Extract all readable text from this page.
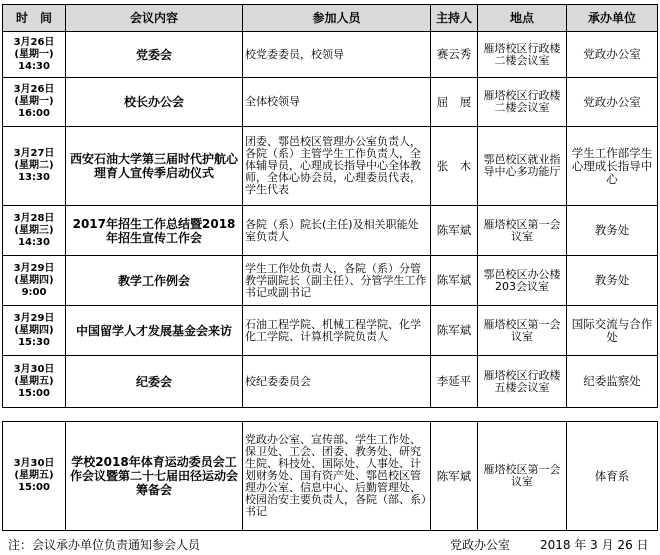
时　间	会议内容	参加人员	主持人	地点	承办单位

3月26日
(星期一)
14:30	党委会	校党委委员，校领导	赛云秀	雁塔校区行政楼二楼会议室	党政办公室

3月26日
(星期一)
16:00	校长办公会	全体校领导	屈　展	雁塔校区行政楼二楼会议室	党政办公室

3月27日
(星期二)
13:30	西安石油大学第三届时代护航心理育人宣传季启动仪式	团委、鄠邑校区管理办公室负责人，各院（系）主管学生工作负责人，全体辅导员，心理成长指导中心全体教师，全体心协会员，心理委员代表，学生代表	张　木	鄠邑校区就业指导中心多功能厅	学生工作部学生心理成长指导中心

3月28日
(星期三)
14:30	2017年招生工作总结暨2018年招生宣传工作会	各院（系）院长(主任)及相关职能处室负责人	陈军斌	雁塔校区第一会议室	教务处

3月29日
(星期四)
9:00	教学工作例会	学生工作处负责人，各院（系）分管教学副院长（副主任）、分管学生工作书记或副书记	陈军斌	鄠邑校区办公楼203会议室	教务处

3月29日
(星期四)
15:30	中国留学人才发展基金会来访	石油工程学院、机械工程学院、化学化工学院、计算机学院负责人	陈军斌	雁塔校区第一会议室	国际交流与合作处

3月30日
(星期五)
15:00	纪委会	校纪委委员会	李延平	雁塔校区行政楼五楼会议室	纪委监察处
3月30日
(星期五)
15:00
	学校2018年体育运动委员会工作会议暨第二十七届田径运动会筹备会	党政办公室、宣传部、学生工作处、保卫处、工会、团委、教务处、研究生院、科技处、国际处、人事处、计划财务处、国有资产处、鄠邑校区管理办公室、信息中心、后勤管理处、校园治安主要负责人，各院（部、系）书记	陈军斌	雁塔校区第一会议室	体育系
注：会议承办单位负责通知参会人员	党政办公室 2018 年 3 月 26 日
